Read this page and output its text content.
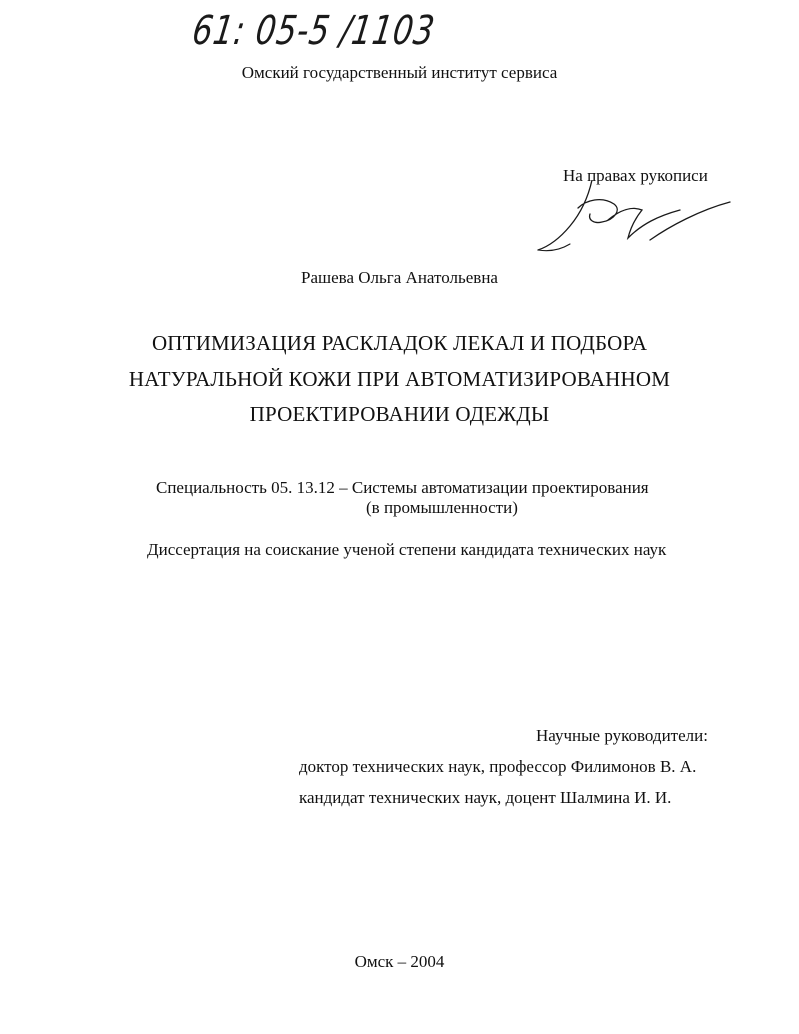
61: 05-5 /1103
Омский государственный институт сервиса
На правах рукописи
Рашева Ольга Анатольевна
ОПТИМИЗАЦИЯ РАСКЛАДОК ЛЕКАЛ И ПОДБОРА
НАТУРАЛЬНОЙ КОЖИ ПРИ АВТОМАТИЗИРОВАННОМ
ПРОЕКТИРОВАНИИ ОДЕЖДЫ
Специальность 05. 13.12 – Системы автоматизации проектирования
(в промышленности)
Диссертация на соискание ученой степени кандидата технических наук
Научные руководители:
доктор технических наук, профессор Филимонов В. А.
кандидат технических наук, доцент Шалмина И. И.
Омск – 2004
